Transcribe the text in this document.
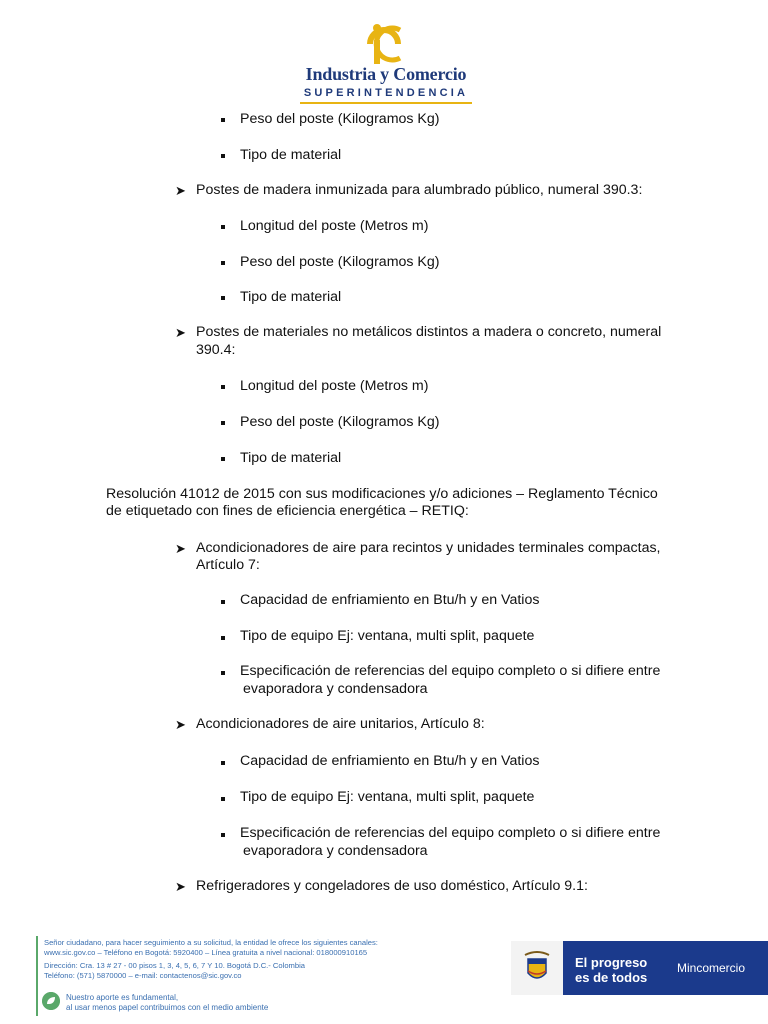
Industria y Comercio
SUPERINTENDENCIA
Peso del poste (Kilogramos Kg)
Tipo de material
➤ Postes de madera inmunizada para alumbrado público, numeral 390.3:
Longitud del poste (Metros m)
Peso del poste (Kilogramos Kg)
Tipo de material
➤ Postes de materiales no metálicos distintos a madera o concreto, numeral
390.4:
Longitud del poste (Metros m)
Peso del poste (Kilogramos Kg)
Tipo de material
Resolución 41012 de 2015 con sus modificaciones y/o adiciones – Reglamento Técnico
de etiquetado con fines de eficiencia energética – RETIQ:
➤ Acondicionadores de aire para recintos y unidades terminales compactas,
Artículo 7:
Capacidad de enfriamiento en Btu/h y en Vatios
Tipo de equipo Ej: ventana, multi split, paquete
Especificación de referencias del equipo completo o si difiere entre
evaporadora y condensadora
➤ Acondicionadores de aire unitarios, Artículo 8:
Capacidad de enfriamiento en Btu/h y en Vatios
Tipo de equipo Ej: ventana, multi split, paquete
Especificación de referencias del equipo completo o si difiere entre
evaporadora y condensadora
➤ Refrigeradores y congeladores de uso doméstico, Artículo 9.1:
Señor ciudadano, para hacer seguimiento a su solicitud, la entidad le ofrece los siguientes canales:
www.sic.gov.co – Teléfono en Bogotá: 5920400 – Línea gratuita a nivel nacional: 018000910165
Dirección: Cra. 13 # 27 - 00 pisos 1, 3, 4, 5, 6, 7 Y 10. Bogotá D.C.- Colombia
Teléfono: (571) 5870000 – e-mail: contactenos@sic.gov.co
Nuestro aporte es fundamental,
al usar menos papel contribuimos con el medio ambiente
El progreso
es de todos
Mincomercio
